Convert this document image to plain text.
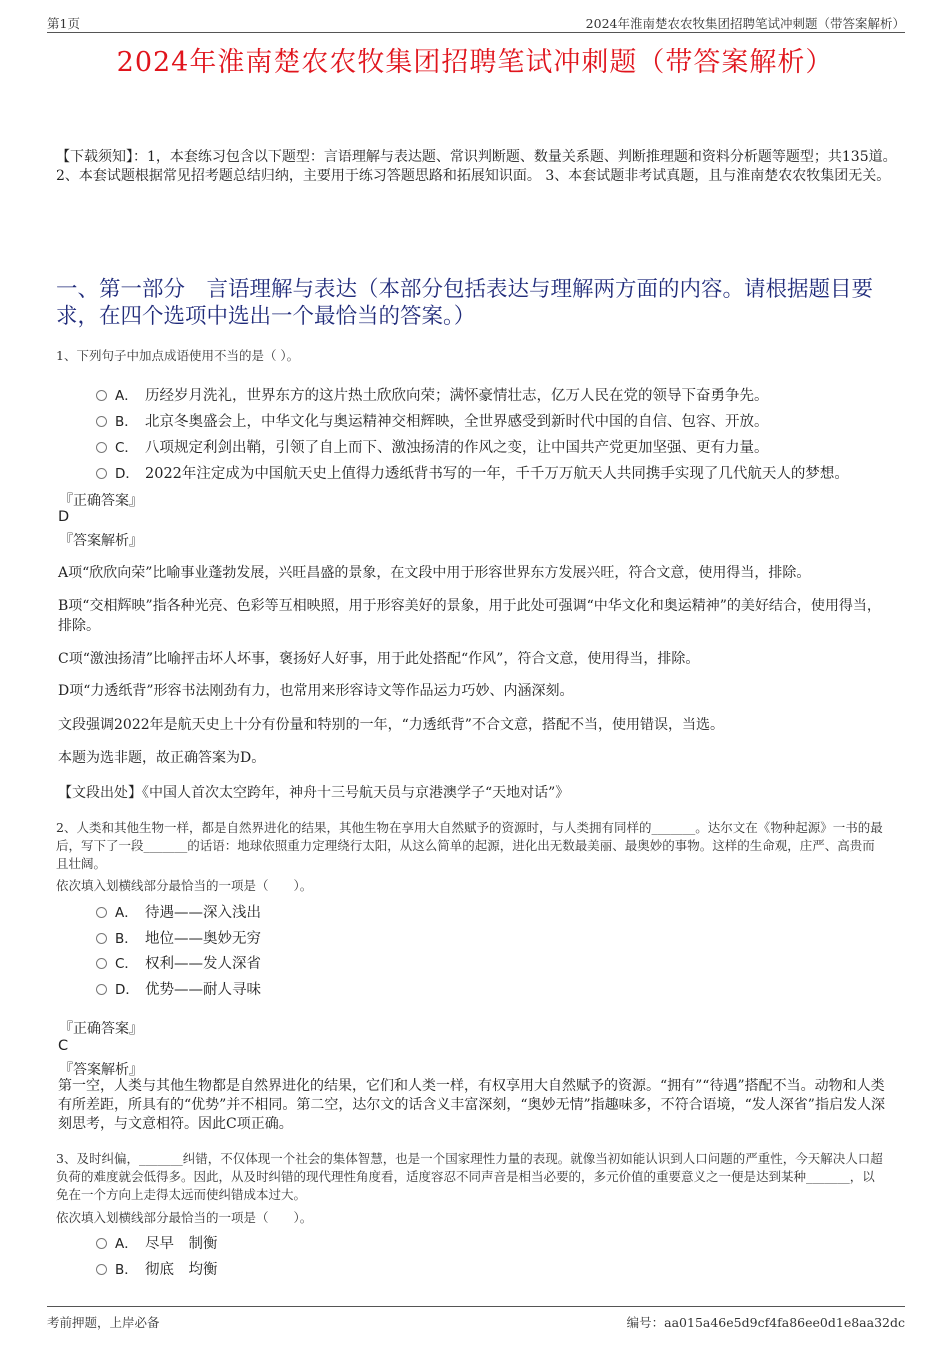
第1页	2024年淮南楚农农牧集团招聘笔试冲刺题（带答案解析）
2024年淮南楚农农牧集团招聘笔试冲刺题（带答案解析）
【下载须知】：1，本套练习包含以下题型：言语理解与表达题、常识判断题、数量关系题、判断推理题和资料分析题等题型；共135道。 2、本套试题根据常见招考题总结归纳，主要用于练习答题思路和拓展知识面。 3、本套试题非考试真题，且与淮南楚农农牧集团无关。
一、第一部分　言语理解与表达（本部分包括表达与理解两方面的内容。请根据题目要求，在四个选项中选出一个最恰当的答案。）
1、下列句子中加点成语使用不当的是（ ）。
A． 历经岁月洗礼，世界东方的这片热土欣欣向荣；满怀豪情壮志，亿万人民在党的领导下奋勇争先。
B． 北京冬奥盛会上，中华文化与奥运精神交相辉映，全世界感受到新时代中国的自信、包容、开放。
C． 八项规定利剑出鞘，引领了自上而下、激浊扬清的作风之变，让中国共产党更加坚强、更有力量。
D． 2022年注定成为中国航天史上值得力透纸背书写的一年，千千万万航天人共同携手实现了几代航天人的梦想。
『正确答案』
D
『答案解析』
A项“欣欣向荣”比喻事业蓬勃发展，兴旺昌盛的景象，在文段中用于形容世界东方发展兴旺，符合文意，使用得当，排除。
B项“交相辉映”指各种光亮、色彩等互相映照，用于形容美好的景象，用于此处可强调“中华文化和奥运精神”的美好结合，使用得当，排除。
C项“激浊扬清”比喻抨击坏人坏事，褒扬好人好事，用于此处搭配“作风”，符合文意，使用得当，排除。
D项“力透纸背”形容书法刚劲有力，也常用来形容诗文等作品运力巧妙、内涵深刻。
文段强调2022年是航天史上十分有份量和特别的一年，“力透纸背”不合文意，搭配不当，使用错误，当选。
本题为选非题，故正确答案为D。
【文段出处】《中国人首次太空跨年，神舟十三号航天员与京港澳学子“天地对话”》
2、人类和其他生物一样，都是自然界进化的结果，其他生物在享用大自然赋予的资源时，与人类拥有同样的_______。达尔文在《物种起源》一书的最后，写下了一段_______的话语：地球依照重力定理绕行太阳，从这么简单的起源，进化出无数最美丽、最奥妙的事物。这样的生命观，庄严、高贵而且壮阔。
依次填入划横线部分最恰当的一项是（　　）。
A． 待遇——深入浅出
B． 地位——奥妙无穷
C． 权利——发人深省
D． 优势——耐人寻味
『正确答案』
C
『答案解析』
第一空，人类与其他生物都是自然界进化的结果，它们和人类一样，有权享用大自然赋予的资源。“拥有”“待遇”搭配不当。动物和人类有所差距，所具有的“优势”并不相同。第二空，达尔文的话含义丰富深刻，“奥妙无情”指趣味多，不符合语境，“发人深省”指启发人深刻思考，与文意相符。因此C项正确。
3、及时纠偏，_______纠错，不仅体现一个社会的集体智慧，也是一个国家理性力量的表现。就像当初如能认识到人口问题的严重性，今天解决人口超负荷的难度就会低得多。因此，从及时纠错的现代理性角度看，适度容忍不同声音是相当必要的，多元价值的重要意义之一便是达到某种_______，以免在一个方向上走得太远而使纠错成本过大。
依次填入划横线部分最恰当的一项是（　　）。
A． 尽早　制衡
B． 彻底　均衡
考前押题，上岸必备	编号：aa015a46e5d9cf4fa86ee0d1e8aa32dc
